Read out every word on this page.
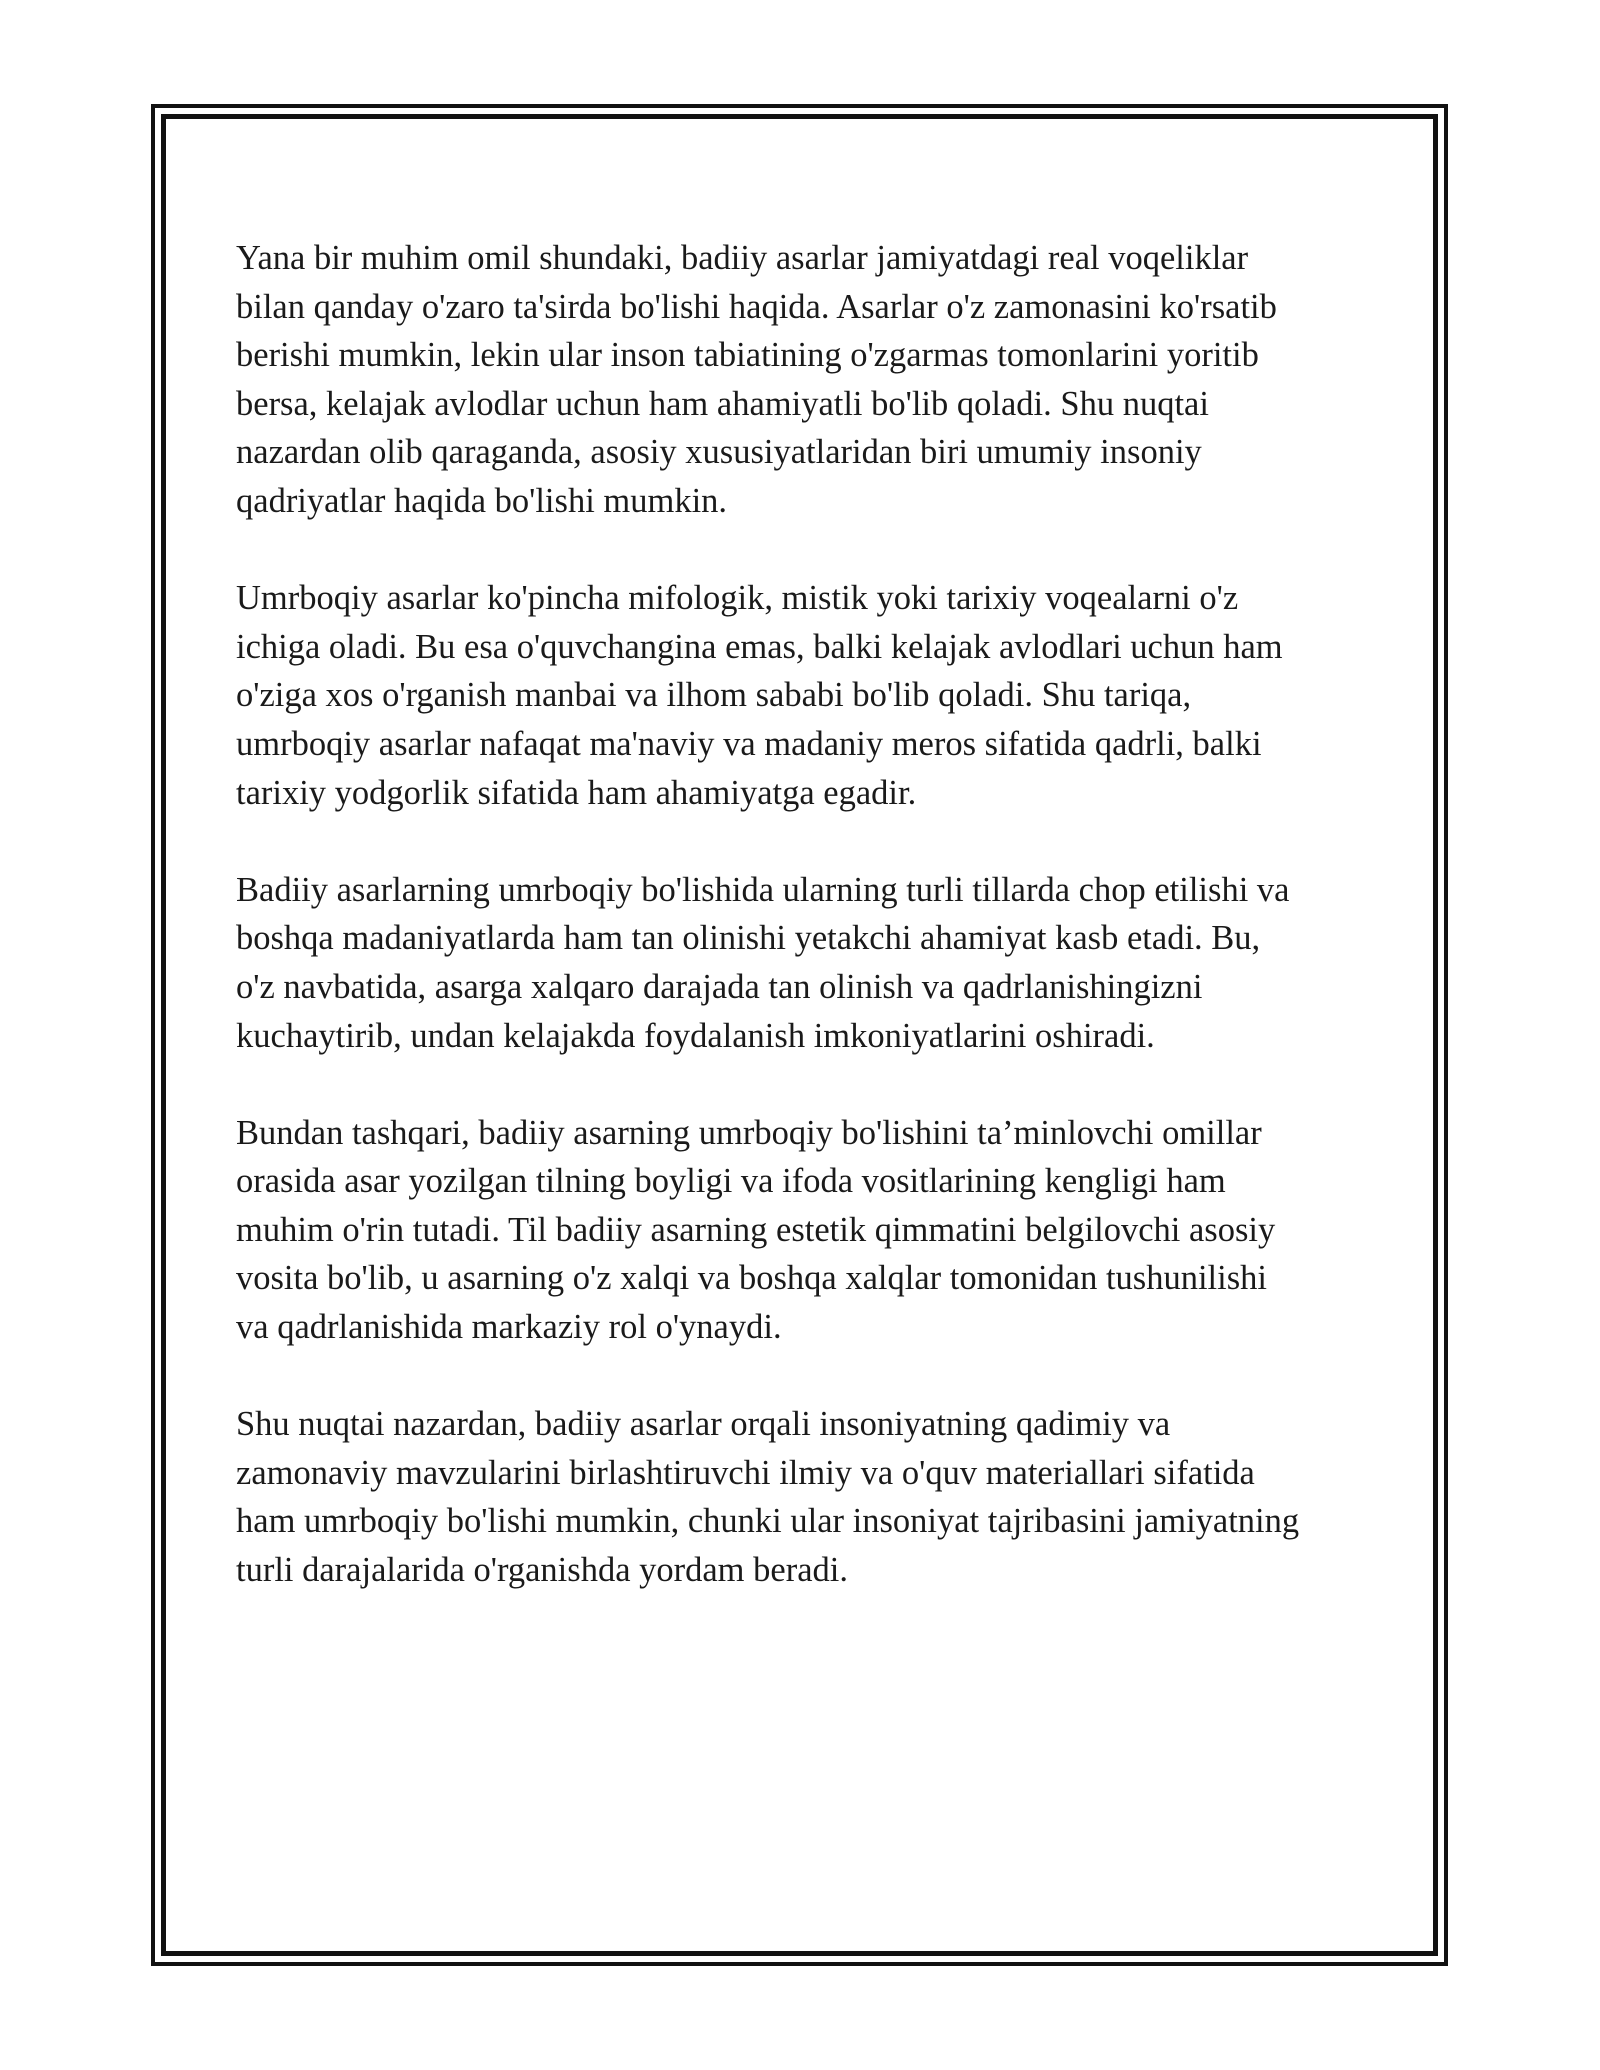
Yana bir muhim omil shundaki, badiiy asarlar jamiyatdagi real voqeliklar
bilan qanday o'zaro ta'sirda bo'lishi haqida. Asarlar o'z zamonasini ko'rsatib
berishi mumkin, lekin ular inson tabiatining o'zgarmas tomonlarini yoritib
bersa, kelajak avlodlar uchun ham ahamiyatli bo'lib qoladi. Shu nuqtai
nazardan olib qaraganda, asosiy xususiyatlaridan biri umumiy insoniy
qadriyatlar haqida bo'lishi mumkin.

Umrboqiy asarlar ko'pincha mifologik, mistik yoki tarixiy voqealarni o'z
ichiga oladi. Bu esa o'quvchangina emas, balki kelajak avlodlari uchun ham
o'ziga xos o'rganish manbai va ilhom sababi bo'lib qoladi. Shu tariqa,
umrboqiy asarlar nafaqat ma'naviy va madaniy meros sifatida qadrli, balki
tarixiy yodgorlik sifatida ham ahamiyatga egadir.

Badiiy asarlarning umrboqiy bo'lishida ularning turli tillarda chop etilishi va
boshqa madaniyatlarda ham tan olinishi yetakchi ahamiyat kasb etadi. Bu,
o'z navbatida, asarga xalqaro darajada tan olinish va qadrlanishingizni
kuchaytirib, undan kelajakda foydalanish imkoniyatlarini oshiradi.

Bundan tashqari, badiiy asarning umrboqiy bo'lishini ta’minlovchi omillar
orasida asar yozilgan tilning boyligi va ifoda vositlarining kengligi ham
muhim o'rin tutadi. Til badiiy asarning estetik qimmatini belgilovchi asosiy
vosita bo'lib, u asarning o'z xalqi va boshqa xalqlar tomonidan tushunilishi
va qadrlanishida markaziy rol o'ynaydi.

Shu nuqtai nazardan, badiiy asarlar orqali insoniyatning qadimiy va
zamonaviy mavzularini birlashtiruvchi ilmiy va o'quv materiallari sifatida
ham umrboqiy bo'lishi mumkin, chunki ular insoniyat tajribasini jamiyatning
turli darajalarida o'rganishda yordam beradi.
